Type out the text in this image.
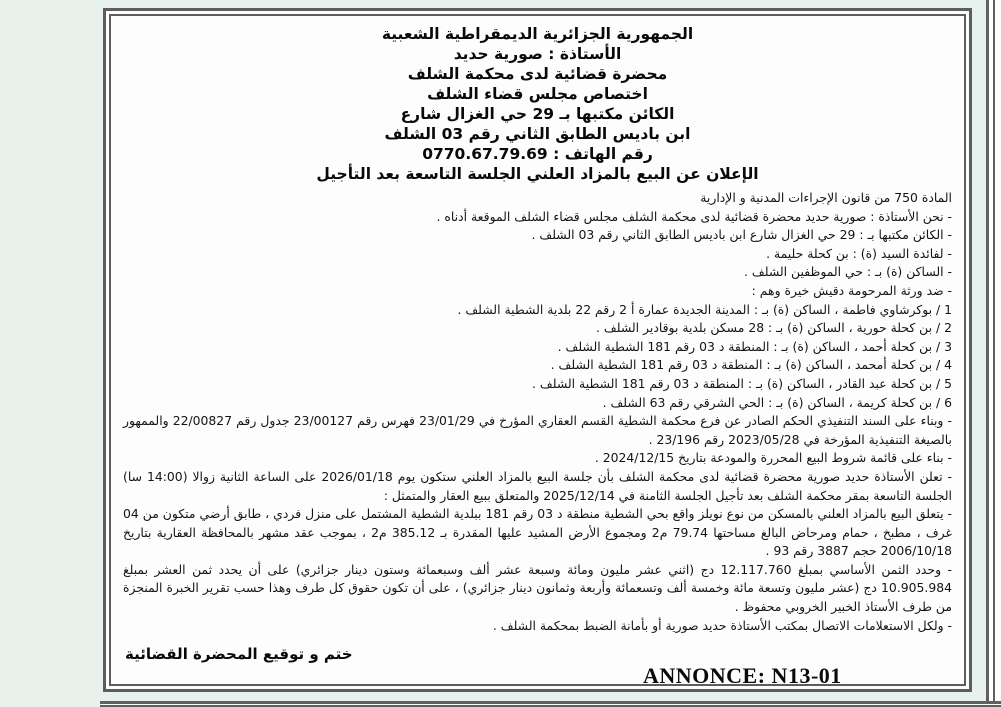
الجمهورية الجزائرية الديمقراطية الشعبية
الأستاذة : صورية حديد
محضرة قضائية لدى محكمة الشلف
اختصاص مجلس قضاء الشلف
الكائن مكتبها بـ 29 حي الغزال شارع
ابن باديس الطابق الثاني رقم 03 الشلف
رقم الهاتف : 0770.67.79.69
الإعلان عن البيع بالمزاد العلني الجلسة التاسعة بعد التأجيل

المادة 750 من قانون الإجراءات المدنية و الإدارية

- نحن الأستاذة : صورية حديد محضرة قضائية لدى محكمة الشلف مجلس قضاء الشلف الموقعة أدناه .

- الكائن مكتبها بـ : 29 حي الغزال شارع ابن باديس الطابق الثاني رقم 03 الشلف .

- لفائدة السيد (ة) : بن كحلة حليمة .

- الساكن (ة) بـ : حي الموظفين الشلف .

- ضد ورثة المرحومة دقيش خيرة وهم :

1 / بوكرشاوي فاطمة ، الساكن (ة) بـ : المدينة الجديدة عمارة أ 2 رقم 22 بلدية الشطية الشلف .

2 / بن كحلة حورية ، الساكن (ة) بـ : 28 مسكن بلدية بوقادير الشلف .

3 / بن كحلة أحمد ، الساكن (ة) بـ : المنطقة د 03 رقم 181 الشطية الشلف .

4 / بن كحلة أمحمد ، الساكن (ة) بـ : المنطقة د 03 رقم 181 الشطية الشلف .

5 / بن كحلة عبد القادر ، الساكن (ة) بـ : المنطقة د 03 رقم 181 الشطية الشلف .

6 / بن كحلة كريمة ، الساكن (ة) بـ : الحي الشرقي رقم 63 الشلف .

- وبناء على السند التنفيذي الحكم الصادر عن فرع محكمة الشطية القسم العقاري المؤرخ في 23/01/29 فهرس رقم 23/00127 جدول رقم 22/00827 والممهور بالصيغة التنفيذية المؤرخة في 2023/05/28 رقم 23/196 .

- بناء على قائمة شروط البيع المحررة والمودعة بتاريخ 2024/12/15 .

- تعلن الأستاذة حديد صورية محضرة قضائية لدى محكمة الشلف بأن جلسة البيع بالمزاد العلني ستكون يوم 2026/01/18 على الساعة الثانية زوالا (14:00 سا) الجلسة التاسعة بمقر محكمة الشلف بعد تأجيل الجلسة الثامنة في 2025/12/14 والمتعلق ببيع العقار والمتمثل :

- يتعلق البيع بالمزاد العلني بالمسكن من نوع نويلز واقع بحي الشطية منطقة د 03 رقم 181 ببلدية الشطية المشتمل على منزل فردي ، طابق أرضي متكون من 04 غرف ، مطبخ ، حمام ومرحاض البالغ مساحتها 79.74 م2 ومجموع الأرض المشيد عليها المقدرة بـ 385.12 م2 ، بموجب عقد مشهر بالمحافظة العقارية بتاريخ 2006/10/18 حجم 3887 رقم 93 .

- وحدد الثمن الأساسي بمبلغ 12.117.760 دج (اثني عشر مليون ومائة وسبعة عشر ألف وسبعمائة وستون دينار جزائري) على أن يحدد ثمن العشر بمبلغ 10.905.984 دج (عشر مليون وتسعة مائة وخمسة ألف وتسعمائة وأربعة وثمانون دينار جزائري) ، على أن تكون حقوق كل طرف وهذا حسب تقرير الخبرة المنجزة من طرف الأستاذ الخبير الخروبي محفوظ .

- ولكل الاستعلامات الاتصال بمكتب الأستاذة حديد صورية أو بأمانة الضبط بمحكمة الشلف .

ختم و توقيع المحضرة القضائية
ANNONCE: N13-01
